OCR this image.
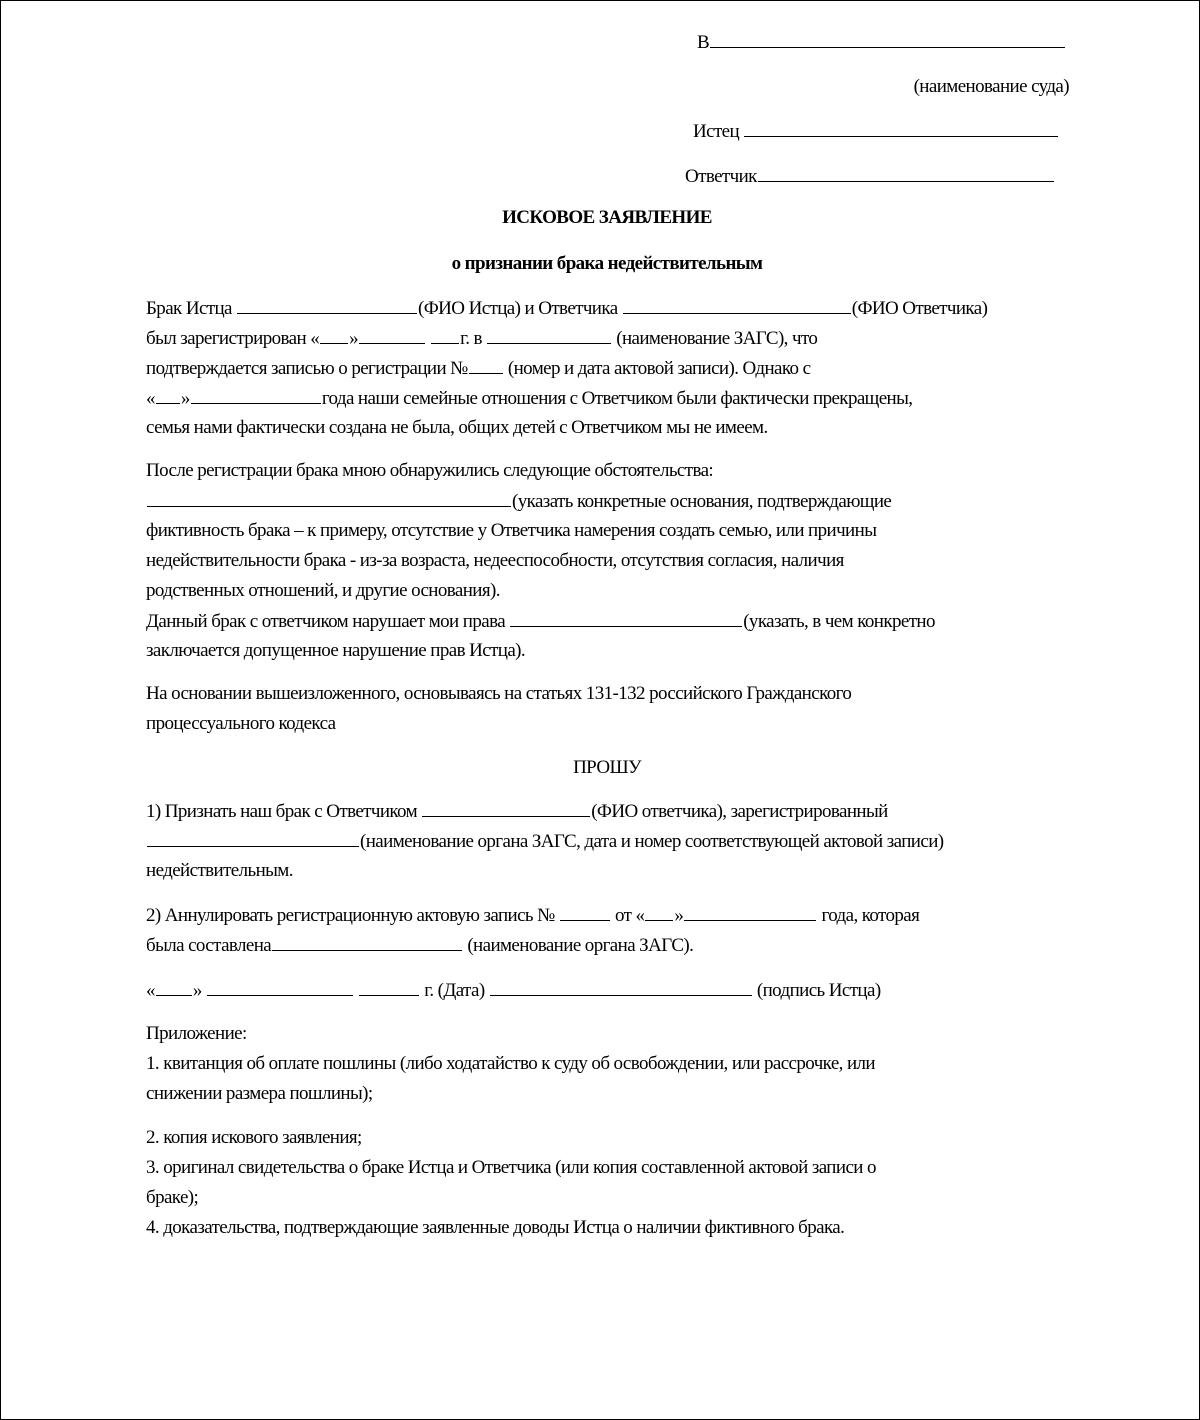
В
(наименование суда)
Истец
Ответчик
ИСКОВОЕ ЗАЯВЛЕНИЕ
о признании брака недействительным
Брак Истца	(ФИО Истца) и Ответчика	(ФИО Ответчика)
был зарегистрирован « »	г. в	(наименование ЗАГС), что
подтверждается записью о регистрации № (номер и дата актовой записи). Однако с
« »	года наши семейные отношения с Ответчиком были фактически прекращены,
семья нами фактически создана не была, общих детей с Ответчиком мы не имеем.
После регистрации брака мною обнаружились следующие обстоятельства:
(указать конкретные основания, подтверждающие
фиктивность брака – к примеру, отсутствие у Ответчика намерения создать семью, или причины
недействительности брака - из-за возраста, недееспособности, отсутствия согласия, наличия
родственных отношений, и другие основания).
Данный брак с ответчиком нарушает мои права	(указать, в чем конкретно
заключается допущенное нарушение прав Истца).
На основании вышеизложенного, основываясь на статьях 131-132 российского Гражданского
процессуального кодекса
ПРОШУ
1) Признать наш брак с Ответчиком	(ФИО ответчика), зарегистрированный
(наименование органа ЗАГС, дата и номер соответствующей актовой записи)
недействительным.
2) Аннулировать регистрационную актовую запись №	от « »	года, которая
была составлена	(наименование органа ЗАГС).
« »	г. (Дата)	(подпись Истца)
Приложение:
1. квитанция об оплате пошлины (либо ходатайство к суду об освобождении, или рассрочке, или
снижении размера пошлины);
2. копия искового заявления;
3. оригинал свидетельства о браке Истца и Ответчика (или копия составленной актовой записи о
браке);
4. доказательства, подтверждающие заявленные доводы Истца о наличии фиктивного брака.
